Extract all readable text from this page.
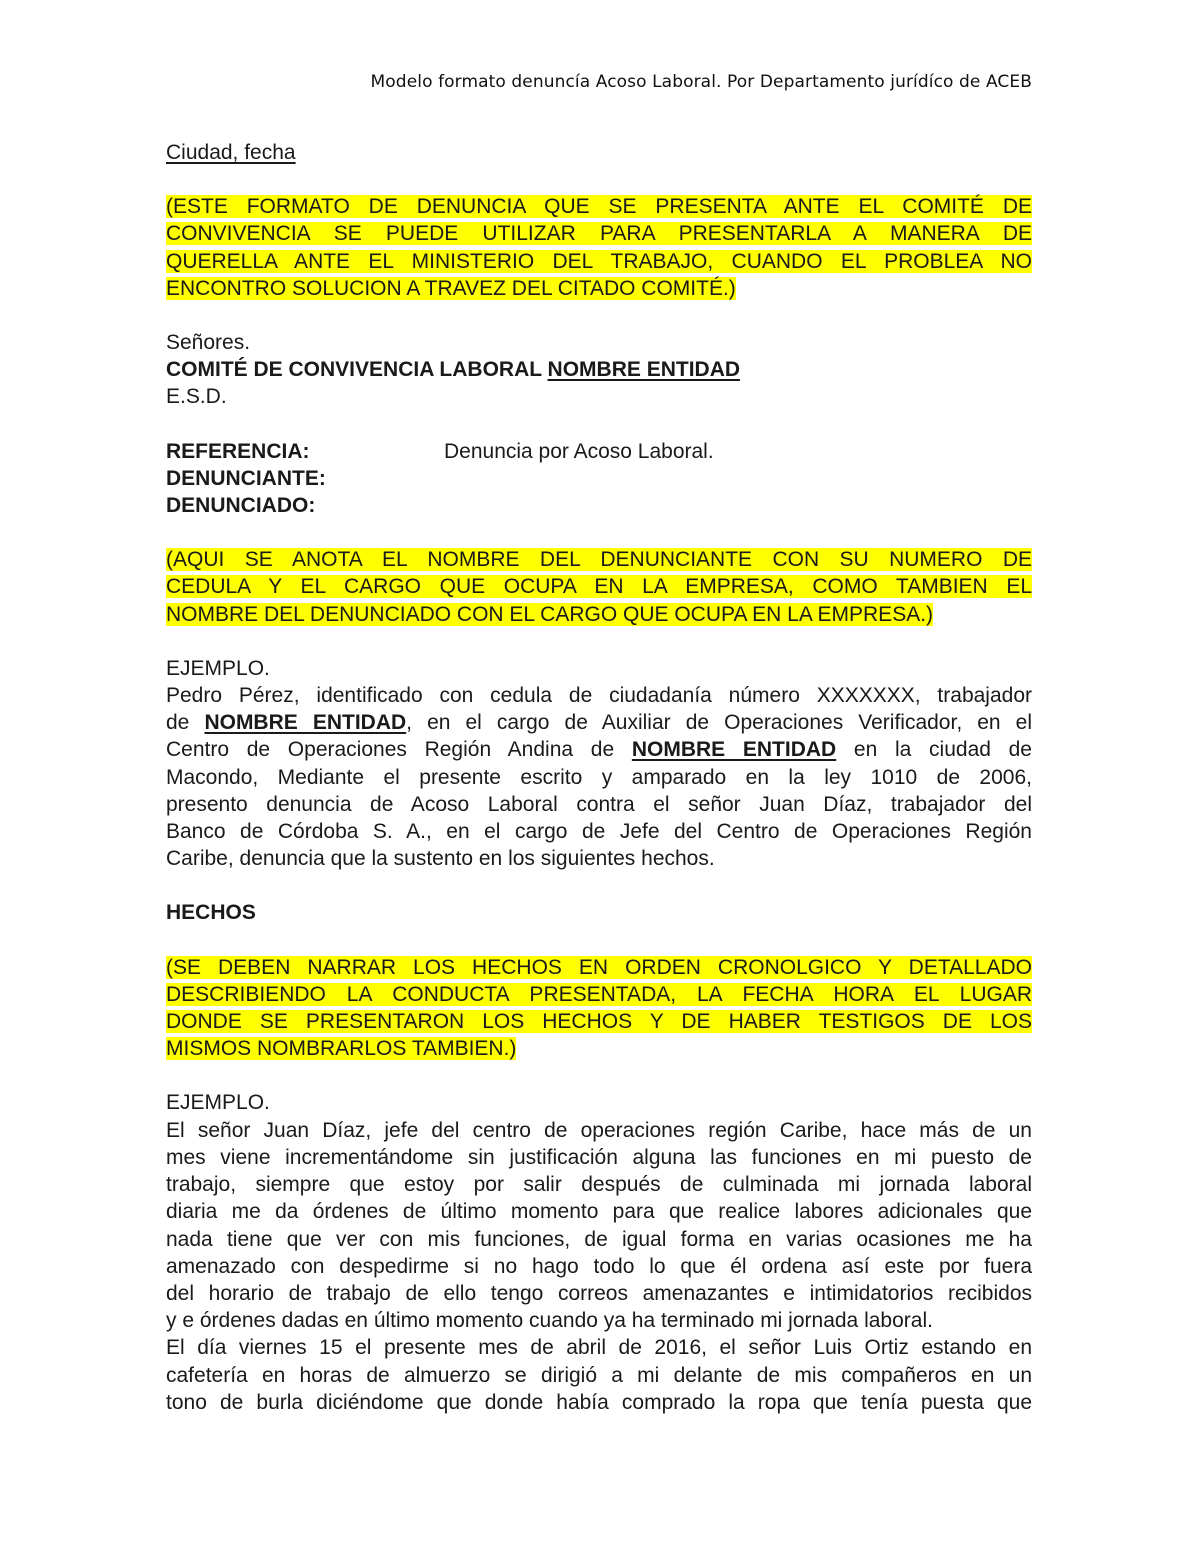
Modelo formato denuncía Acoso Laboral. Por Departamento jurídíco de ACEB

Ciudad, fecha

(ESTE FORMATO DE DENUNCIA QUE SE PRESENTA ANTE EL COMITÉ DE
CONVIVENCIA SE PUEDE UTILIZAR PARA PRESENTARLA A MANERA DE
QUERELLA ANTE EL MINISTERIO DEL TRABAJO, CUANDO EL PROBLEA NO
ENCONTRO SOLUCION A TRAVEZ DEL CITADO COMITÉ.)
Señores.
COMITÉ DE CONVIVENCIA LABORAL NOMBRE ENTIDAD
E.S.D.
REFERENCIA:	Denuncia por Acoso Laboral.
DENUNCIANTE:
DENUNCIADO:
(AQUI SE ANOTA EL NOMBRE DEL DENUNCIANTE CON SU NUMERO DE
CEDULA Y EL CARGO QUE OCUPA EN LA EMPRESA, COMO TAMBIEN EL
NOMBRE DEL DENUNCIADO CON EL CARGO QUE OCUPA EN LA EMPRESA.)
EJEMPLO.
Pedro Pérez, identificado con cedula de ciudadanía número XXXXXXX, trabajador
de NOMBRE ENTIDAD, en el cargo de Auxiliar de Operaciones Verificador, en el
Centro de Operaciones Región Andina de NOMBRE ENTIDAD en la ciudad de
Macondo, Mediante el presente escrito y amparado en la ley 1010 de 2006,
presento denuncia de Acoso Laboral contra el señor Juan Díaz, trabajador del
Banco de Córdoba S. A., en el cargo de Jefe del Centro de Operaciones Región
Caribe, denuncia que la sustento en los siguientes hechos.
HECHOS
(SE DEBEN NARRAR LOS HECHOS EN ORDEN CRONOLGICO Y DETALLADO
DESCRIBIENDO LA CONDUCTA PRESENTADA, LA FECHA HORA EL LUGAR
DONDE SE PRESENTARON LOS HECHOS Y DE HABER TESTIGOS DE LOS
MISMOS NOMBRARLOS TAMBIEN.)
EJEMPLO.
El señor Juan Díaz, jefe del centro de operaciones región Caribe, hace más de un
mes viene incrementándome sin justificación alguna las funciones en mi puesto de
trabajo, siempre que estoy por salir después de culminada mi jornada laboral
diaria me da órdenes de último momento para que realice labores adicionales que
nada tiene que ver con mis funciones, de igual forma en varias ocasiones me ha
amenazado con despedirme si no hago todo lo que él ordena así este por fuera
del horario de trabajo de ello tengo correos amenazantes e intimidatorios recibidos
y e órdenes dadas en último momento cuando ya ha terminado mi jornada laboral.
El día viernes 15 el presente mes de abril de 2016, el señor Luis Ortiz estando en
cafetería en horas de almuerzo se dirigió a mi delante de mis compañeros en un
tono de burla diciéndome que donde había comprado la ropa que tenía puesta que
